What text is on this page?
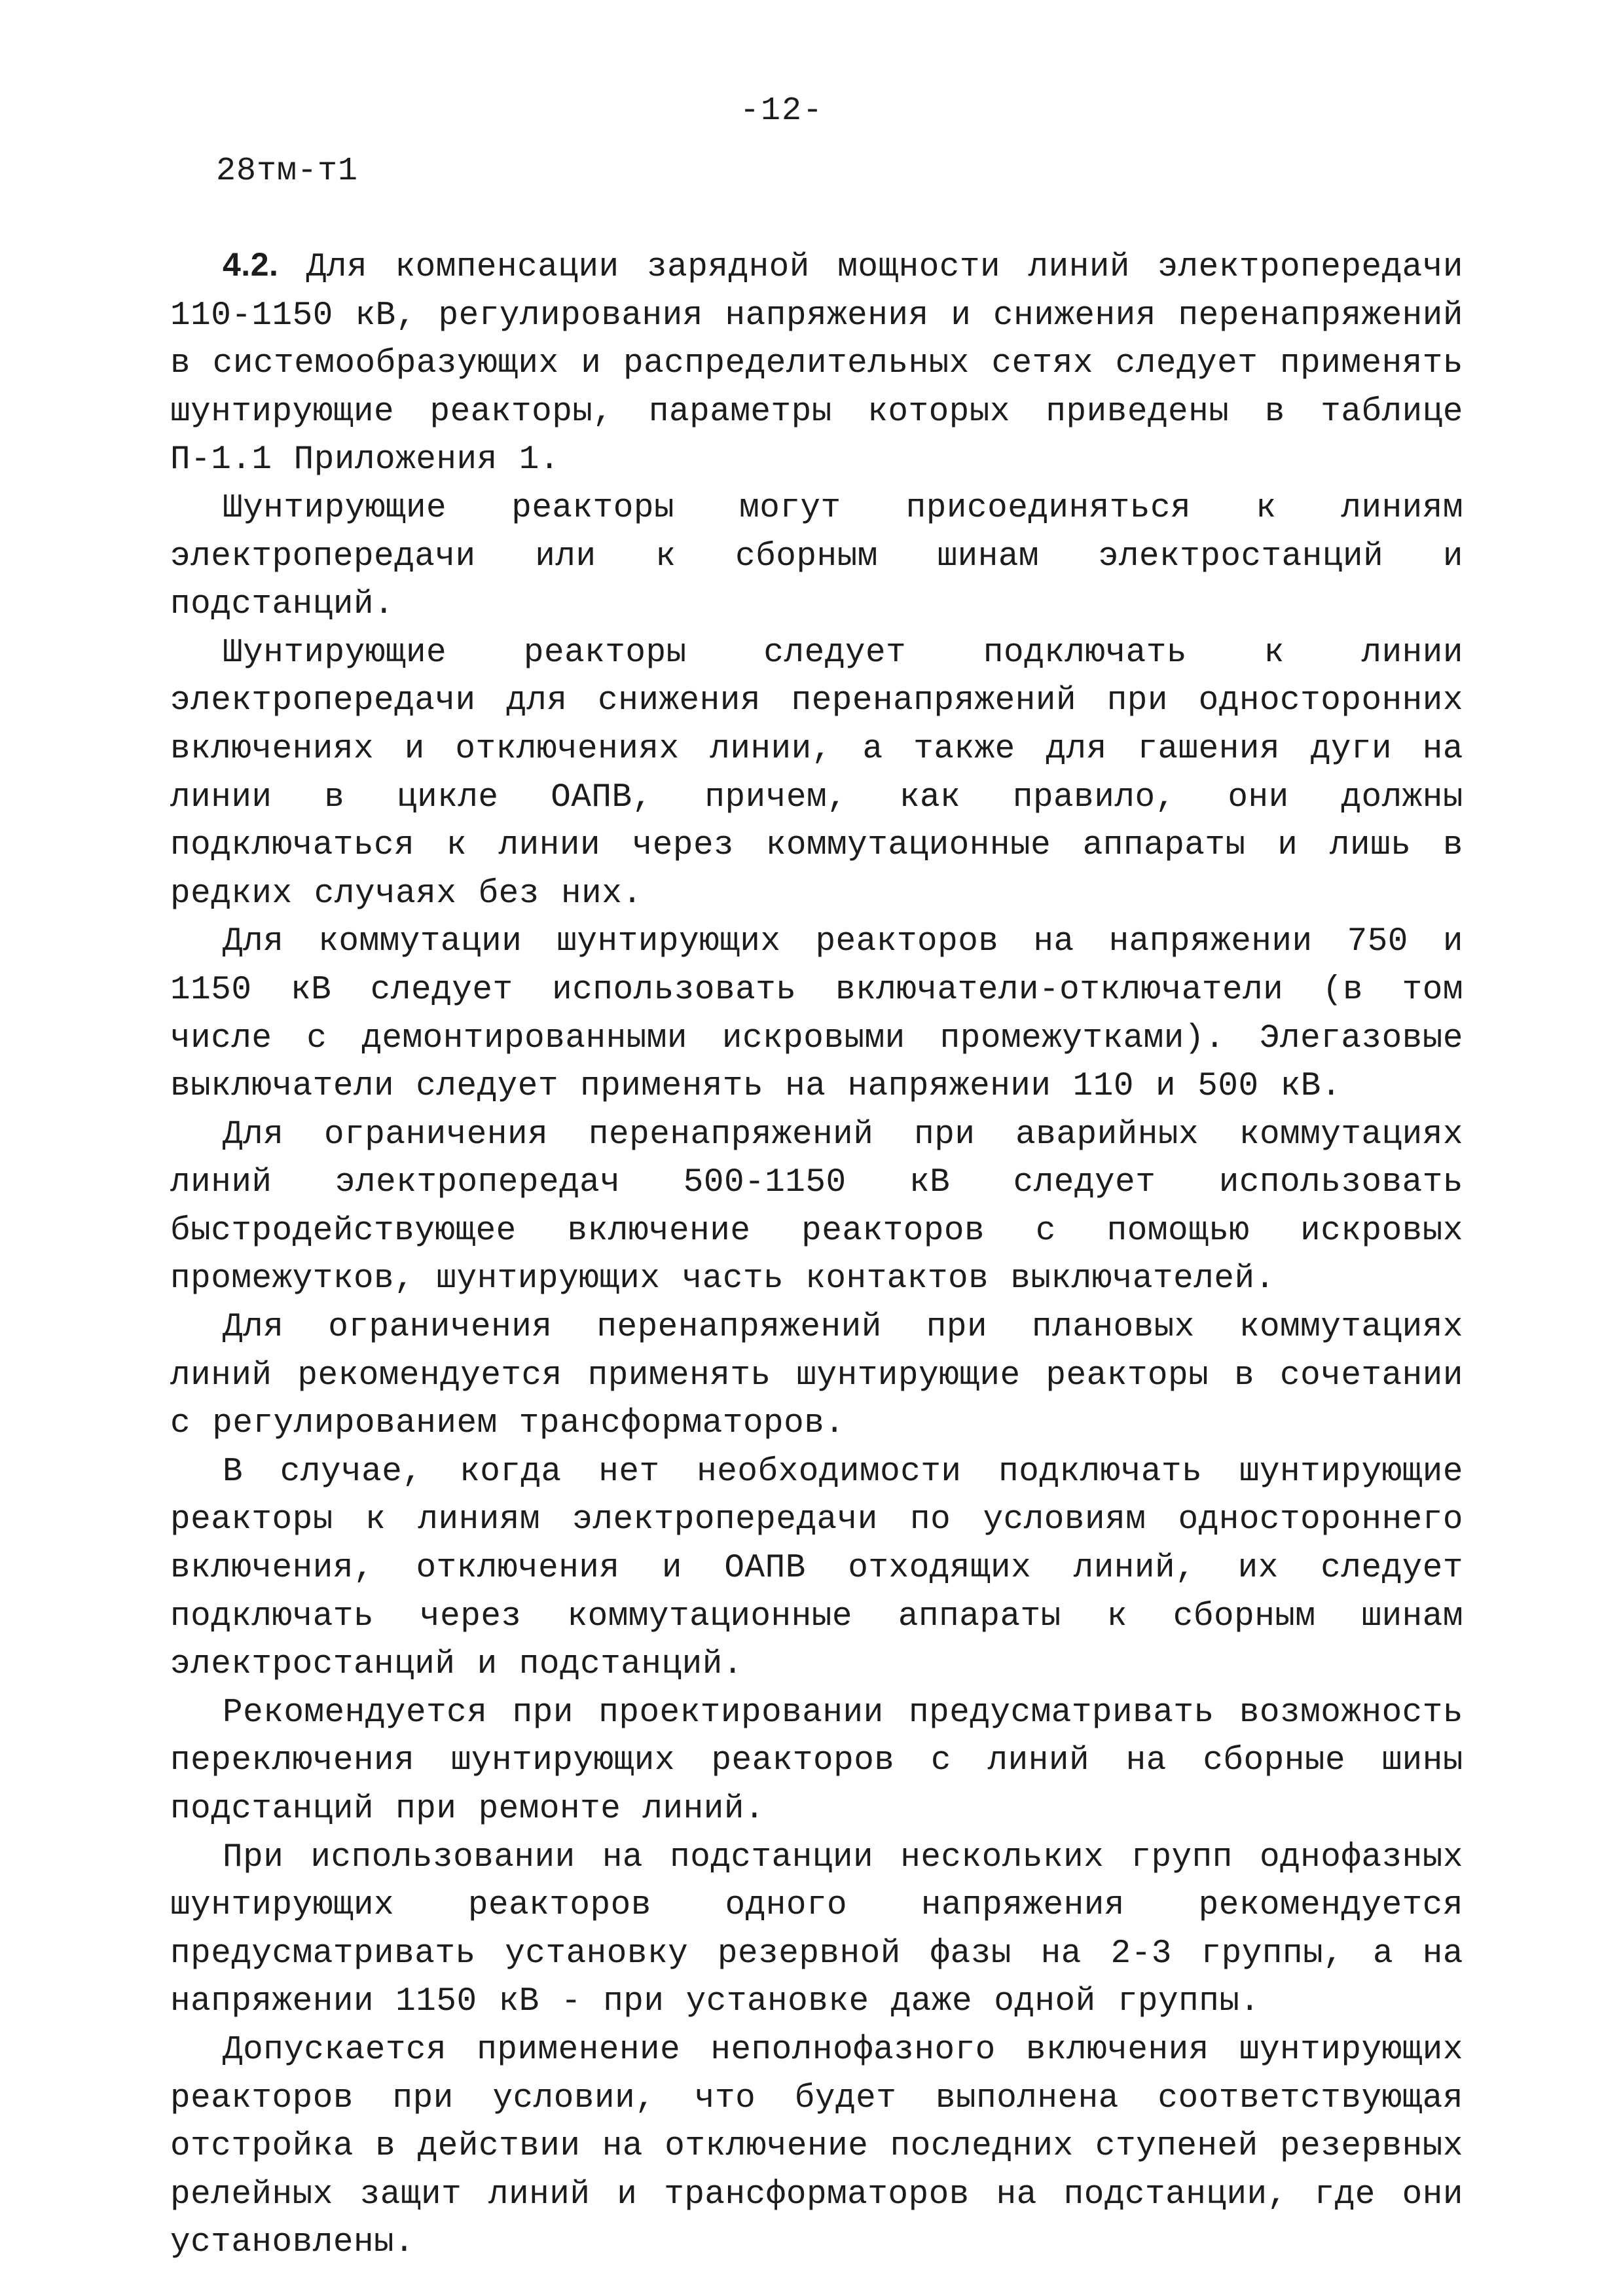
-12-
28тм-т1

4.2. Для компенсации зарядной мощности линий электропередачи 110-1150 кВ, регулирования напряжения и снижения перенапряжений в системообразующих и распределительных сетях следует применять шунтирующие реакторы, параметры которых приведены в таблице П-1.1 Приложения 1.

Шунтирующие реакторы могут присоединяться к линиям электропередачи или к сборным шинам электростанций и подстанций.

Шунтирующие реакторы следует подключать к линии электропередачи для снижения перенапряжений при односторонних включениях и отключениях линии, а также для гашения дуги на линии в цикле ОАПВ, причем, как правило, они должны подключаться к линии через коммутационные аппараты и лишь в редких случаях без них.

Для коммутации шунтирующих реакторов на напряжении 750 и 1150 кВ следует использовать включатели-отключатели (в том числе с демонтированными искровыми промежутками). Элегазовые выключатели следует применять на напряжении 110 и 500 кВ.

Для ограничения перенапряжений при аварийных коммутациях линий электропередач 500-1150 кВ следует использовать быстродействующее включение реакторов с помощью искровых промежутков, шунтирующих часть контактов выключателей.

Для ограничения перенапряжений при плановых коммутациях линий рекомендуется применять шунтирующие реакторы в сочетании с регулированием трансформаторов.

В случае, когда нет необходимости подключать шунтирующие реакторы к линиям электропередачи по условиям одностороннего включения, отключения и ОАПВ отходящих линий, их следует подключать через коммутационные аппараты к сборным шинам электростанций и подстанций.

Рекомендуется при проектировании предусматривать возможность переключения шунтирующих реакторов с линий на сборные шины подстанций при ремонте линий.

При использовании на подстанции нескольких групп однофазных шунтирующих реакторов одного напряжения рекомендуется предусматривать установку резервной фазы на 2-3 группы, а на напряжении 1150 кВ - при установке даже одной группы.

Допускается применение неполнофазного включения шунтирующих реакторов при условии, что будет выполнена соответствующая отстройка в действии на отключение последних ступеней резервных релейных защит линий и трансформаторов на подстанции, где они установлены.
